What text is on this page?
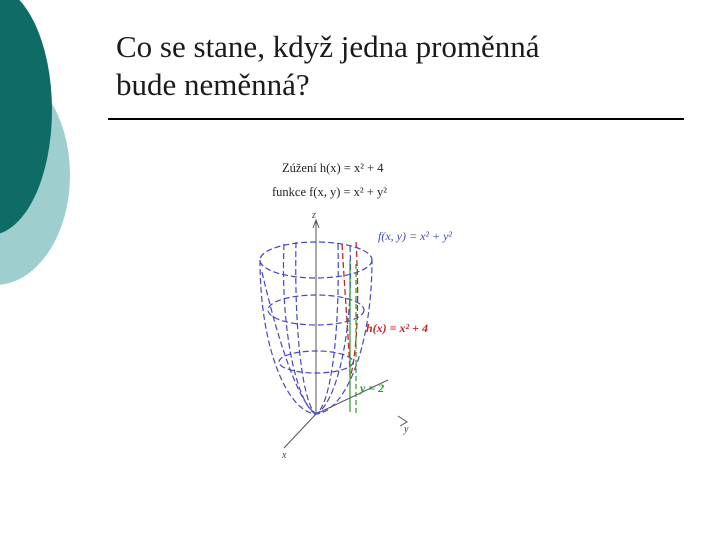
Co se stane, když jedna proměnná
bude neměnná?
Zúžení h(x) = x² + 4
funkce f(x, y) = x² + y²
z
x
y
f(x, y) = x² + y²
h(x) = x² + 4
y = 2
